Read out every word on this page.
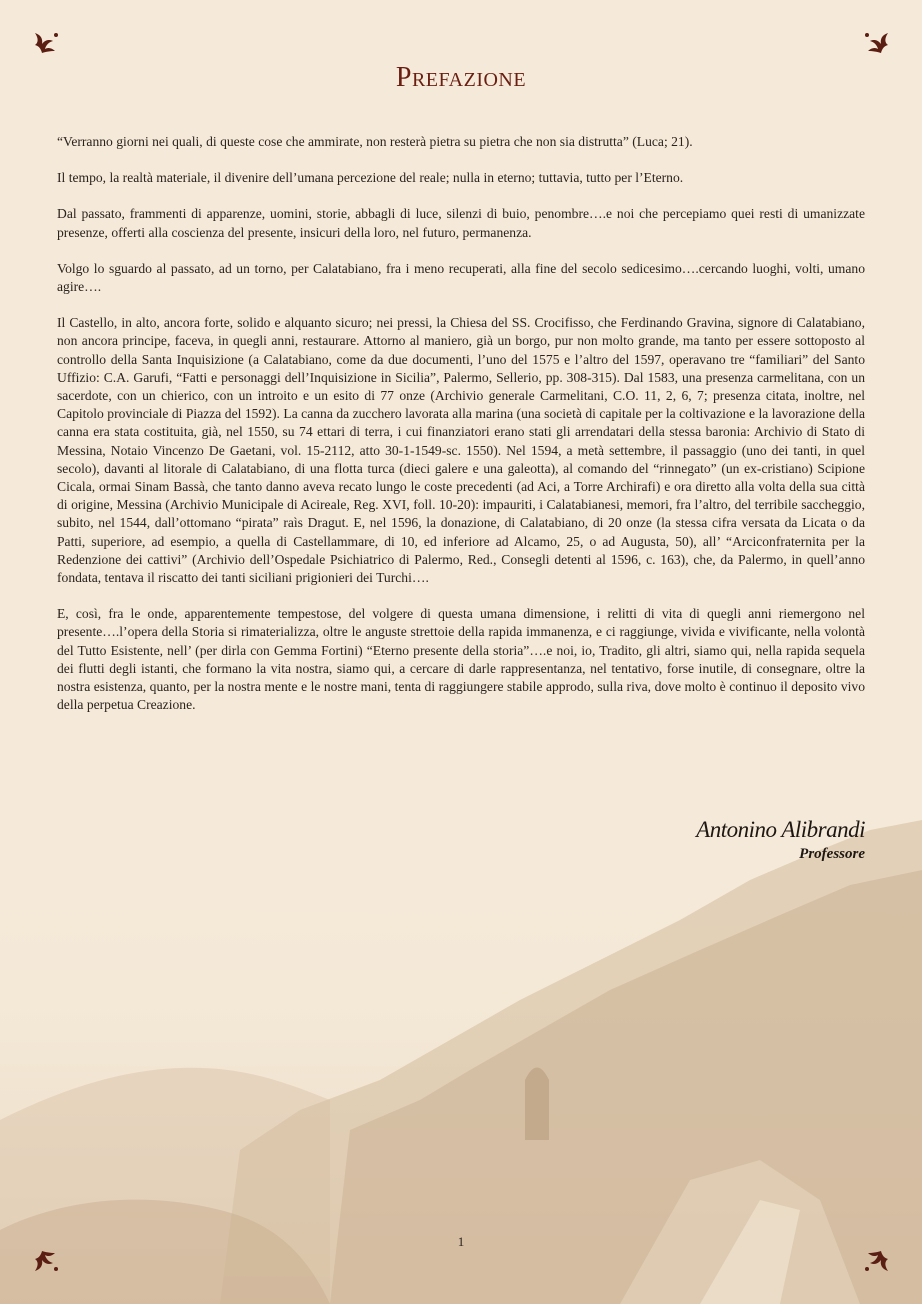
Prefazione

“Verranno giorni nei quali, di queste cose che ammirate, non resterà pietra su pietra che non sia distrutta” (Luca; 21).

Il tempo, la realtà materiale, il divenire dell’umana percezione del reale; nulla in eterno; tuttavia, tutto per l’Eterno.

Dal passato, frammenti di apparenze, uomini, storie, abbagli di luce, silenzi di buio, penombre….e noi che percepiamo quei resti di umanizzate presenze, offerti alla coscienza del presente, insicuri della loro, nel futuro, permanenza.

Volgo lo sguardo al passato, ad un torno, per Calatabiano, fra i meno recuperati, alla fine del secolo sedicesimo….cercando luoghi, volti, umano agire….

Il Castello, in alto, ancora forte, solido e alquanto sicuro; nei pressi, la Chiesa del SS. Crocifisso, che Ferdinando Gravina, signore di Calatabiano, non ancora principe, faceva, in quegli anni, restaurare. Attorno al maniero, già un borgo, pur non molto grande, ma tanto per essere sottoposto al controllo della Santa Inquisizione (a Calatabiano, come da due documenti, l’uno del 1575 e l’altro del 1597, operavano tre “familiari” del Santo Uffizio: C.A. Garufi, “Fatti e personaggi dell’Inquisizione in Sicilia”, Palermo, Sellerio, pp. 308-315). Dal 1583, una presenza carmelitana, con un sacerdote, con un chierico, con un introito e un esito di 77 onze (Archivio generale Carmelitani, C.O. 11, 2, 6, 7; presenza citata, inoltre, nel Capitolo provinciale di Piazza del 1592). La canna da zucchero lavorata alla marina (una società di capitale per la coltivazione e la lavorazione della canna era stata costituita, già, nel 1550, su 74 ettari di terra, i cui finanziatori erano stati gli arrendatari della stessa baronia: Archivio di Stato di Messina, Notaio Vincenzo De Gaetani, vol. 15-2112, atto 30-1-1549-sc. 1550). Nel 1594, a metà settembre, il passaggio (uno dei tanti, in quel secolo), davanti al litorale di Calatabiano, di una flotta turca (dieci galere e una galeotta), al comando del “rinnegato” (un ex-cristiano) Scipione Cicala, ormai Sinam Bassà, che tanto danno aveva recato lungo le coste precedenti (ad Aci, a Torre Archirafi) e ora diretto alla volta della sua città di origine, Messina (Archivio Municipale di Acireale, Reg. XVI, foll. 10-20): impauriti, i Calatabianesi, memori, fra l’altro, del terribile saccheggio, subito, nel 1544, dall’ottomano “pirata” raìs Dragut. E, nel 1596, la donazione, di Calatabiano, di 20 onze (la stessa cifra versata da Licata o da Patti, superiore, ad esempio, a quella di Castellammare, di 10, ed inferiore ad Alcamo, 25, o ad Augusta, 50), all’ “Arciconfraternita per la Redenzione dei cattivi” (Archivio dell’Ospedale Psichiatrico di Palermo, Red., Consegli detenti al 1596, c. 163), che, da Palermo, in quell’anno fondata, tentava il riscatto dei tanti siciliani prigionieri dei Turchi….

E, così, fra le onde, apparentemente tempestose, del volgere di questa umana dimensione, i relitti di vita di quegli anni riemergono nel presente….l’opera della Storia si rimaterializza, oltre le anguste strettoie della rapida immanenza, e ci raggiunge, vivida e vivificante, nella volontà del Tutto Esistente, nell’ (per dirla con Gemma Fortini) “Eterno presente della storia”….e noi, io, Tradito, gli altri, siamo qui, nella rapida sequela dei flutti degli istanti, che formano la vita nostra, siamo qui, a cercare di darle rappresentanza, nel tentativo, forse inutile, di consegnare, oltre la nostra esistenza, quanto, per la nostra mente e le nostre mani, tenta di raggiungere stabile approdo, sulla riva, dove molto è continuo il deposito vivo della perpetua Creazione.

Antonino Alibrandi
Professore
1
